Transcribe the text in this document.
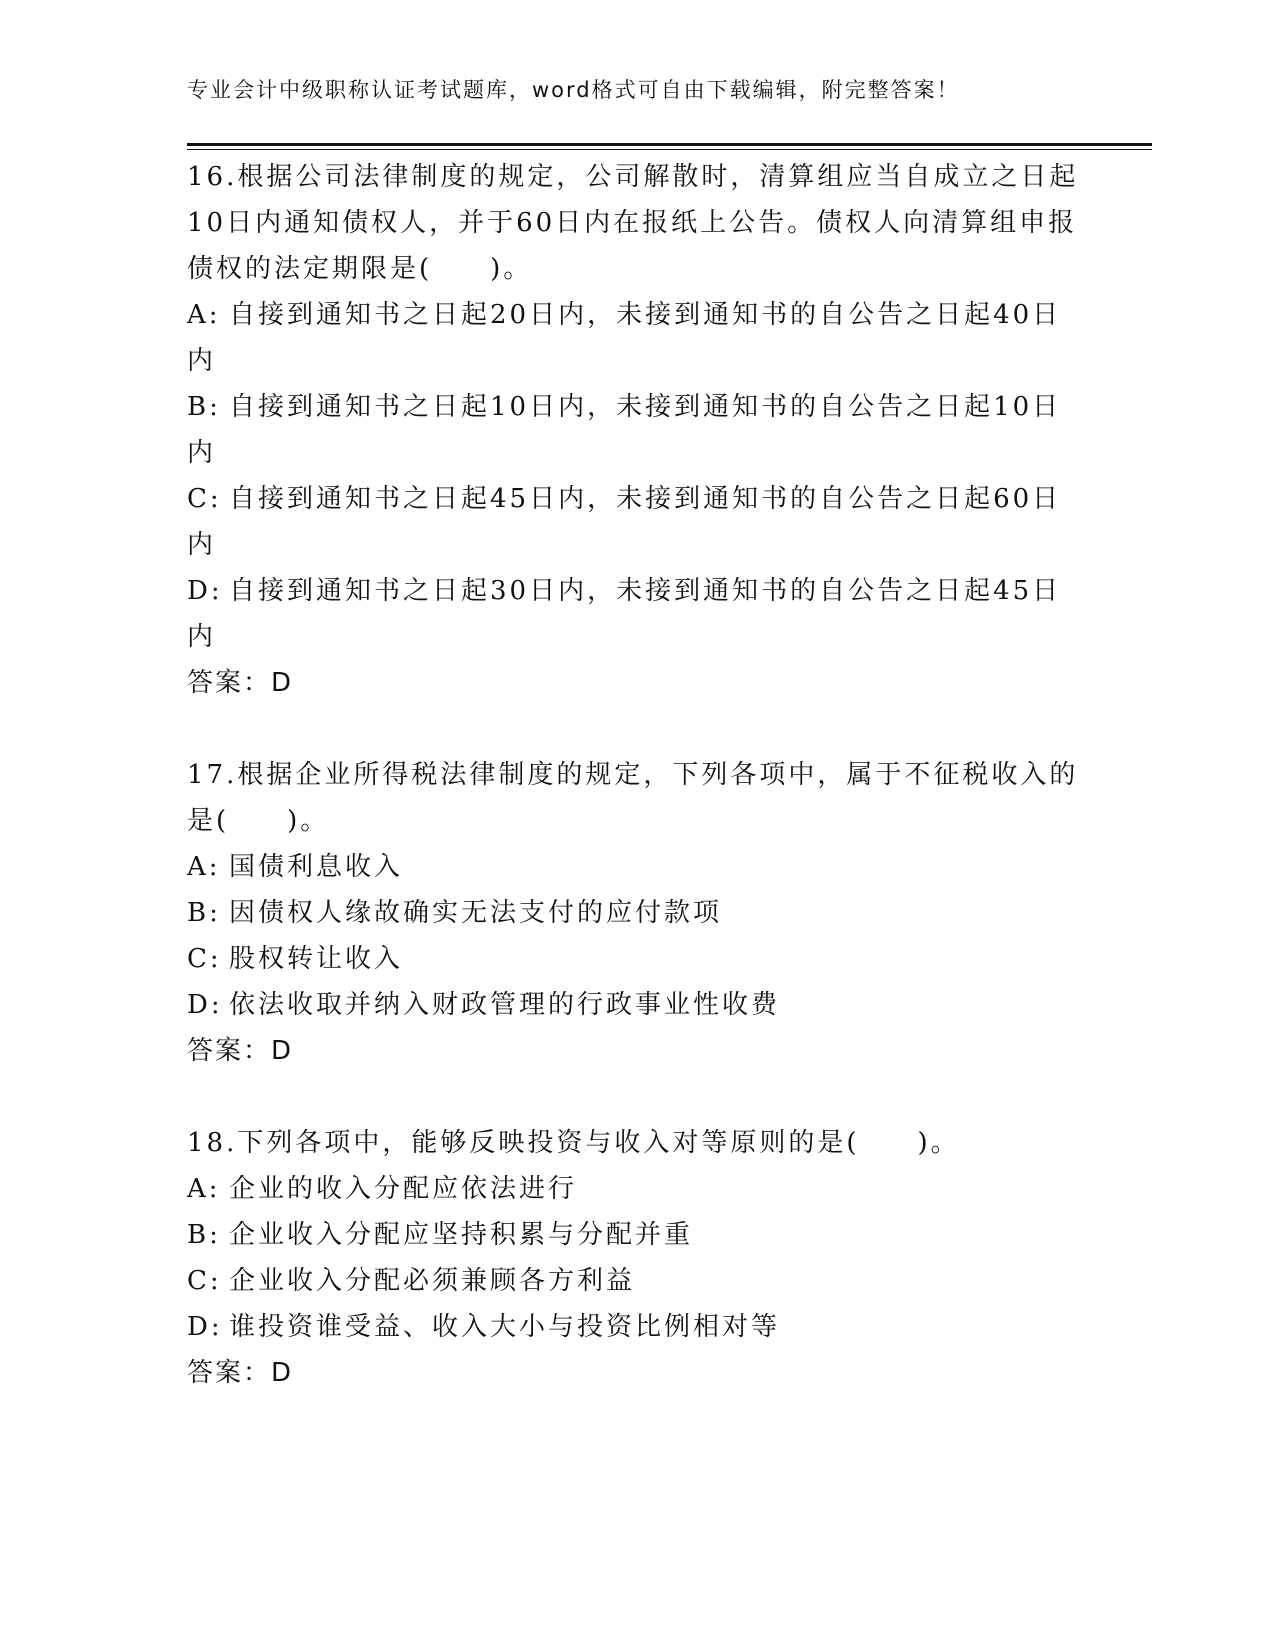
专业会计中级职称认证考试题库，word格式可自由下载编辑，附完整答案！
16.根据公司法律制度的规定，公司解散时，清算组应当自成立之日起10日内通知债权人，并于60日内在报纸上公告。债权人向清算组申报债权的法定期限是(　　)。
A: 自接到通知书之日起20日内，未接到通知书的自公告之日起40日内
B: 自接到通知书之日起10日内，未接到通知书的自公告之日起10日内
C: 自接到通知书之日起45日内，未接到通知书的自公告之日起60日内
D: 自接到通知书之日起30日内，未接到通知书的自公告之日起45日内
答案：D
17.根据企业所得税法律制度的规定，下列各项中，属于不征税收入的是(　　)。
A: 国债利息收入
B: 因债权人缘故确实无法支付的应付款项
C: 股权转让收入
D: 依法收取并纳入财政管理的行政事业性收费
答案：D
18.下列各项中，能够反映投资与收入对等原则的是(　　)。
A: 企业的收入分配应依法进行
B: 企业收入分配应坚持积累与分配并重
C: 企业收入分配必须兼顾各方利益
D: 谁投资谁受益、收入大小与投资比例相对等
答案：D
